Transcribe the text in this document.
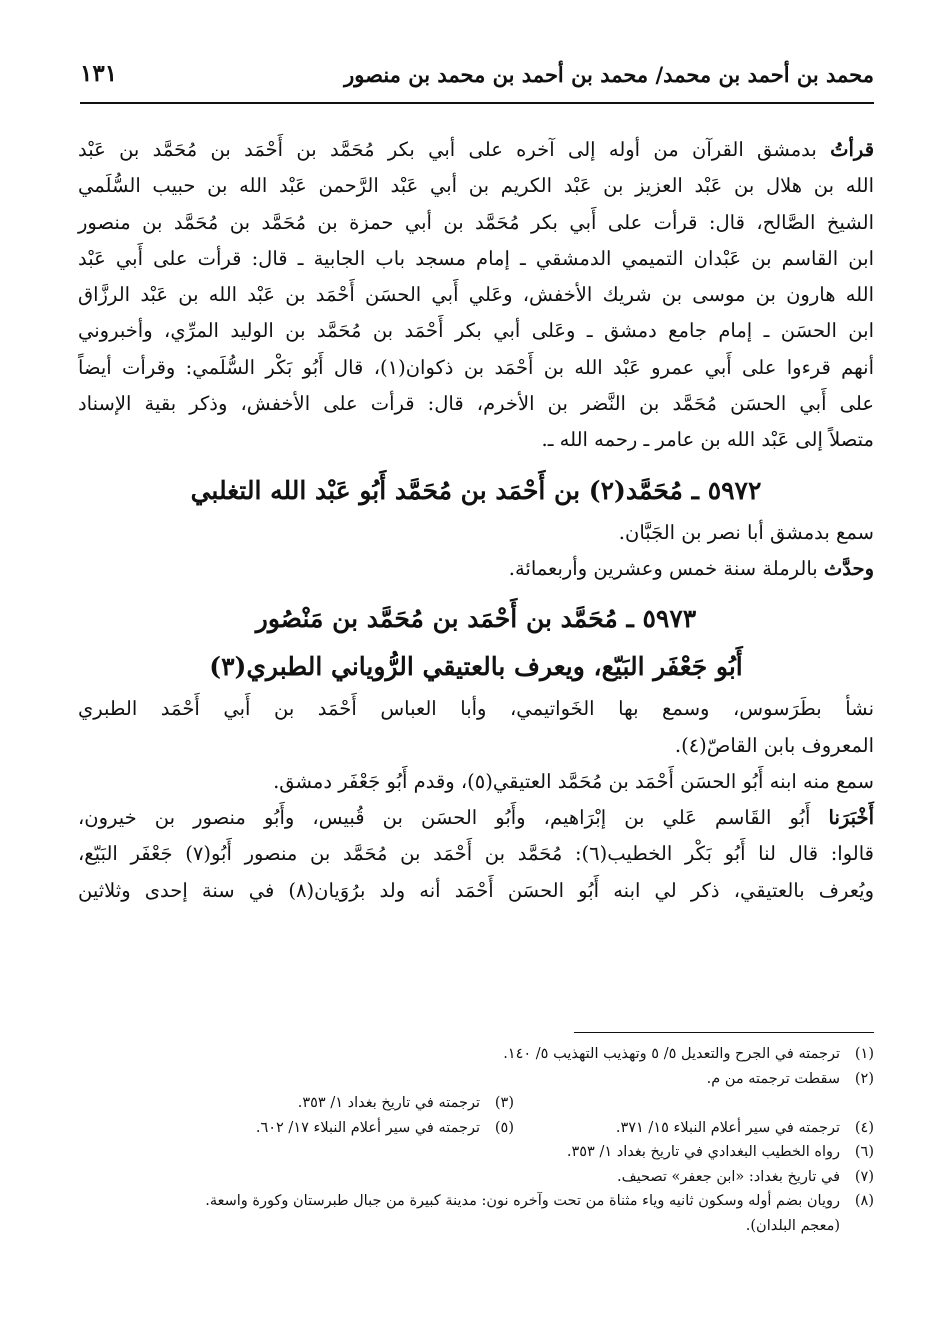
محمد بن أحمد بن محمد/ محمد بن أحمد بن محمد بن منصور
١٣١
قرأتُ بدمشق القرآن من أوله إلى آخره على أبي بكر مُحَمَّد بن أَحْمَد بن مُحَمَّد بن عَبْد
الله بن هلال بن عَبْد العزيز بن عَبْد الكريم بن أبي عَبْد الرَّحمن عَبْد الله بن حبيب السُّلَمي
الشيخ الصَّالح، قال: قرأت على أَبي بكر مُحَمَّد بن أبي حمزة بن مُحَمَّد بن مُحَمَّد بن منصور
ابن القاسم بن عَبْدان التميمي الدمشقي ـ إمام مسجد باب الجابية ـ قال: قرأت على أَبي عَبْد
الله هارون بن موسى بن شريك الأخفش، وعَلي أَبي الحسَن أَحْمَد بن عَبْد الله بن عَبْد الرزَّاق
ابن الحسَن ـ إمام جامع دمشق ـ وعَلى أبي بكر أَحْمَد بن مُحَمَّد بن الوليد المرِّي، وأخبروني
أنهم قرءوا على أَبي عمرو عَبْد الله بن أَحْمَد بن ذكوان(١)، قال أَبُو بَكْر السُّلَمي: وقرأت أيضاً
على أَبي الحسَن مُحَمَّد بن النَّضر بن الأخرم، قال: قرأت على الأخفش، وذكر بقية الإسناد
متصلاً إلى عَبْد الله بن عامر ـ رحمه الله ـ.
٥٩٧٢ ـ مُحَمَّد(٢) بن أَحْمَد بن مُحَمَّد أَبُو عَبْد الله التغلبي
سمع بدمشق أبا نصر بن الجَبَّان.
وحدَّث بالرملة سنة خمس وعشرين وأربعمائة.
٥٩٧٣ ـ مُحَمَّد بن أَحْمَد بن مُحَمَّد بن مَنْصُور
أَبُو جَعْفَر البَيّع، ويعرف بالعتيقي الرُّوياني الطبري(٣)
نشأ بطَرَسوس، وسمع بها الخَواتيمي، وأبا العباس أَحْمَد بن أَبي أَحْمَد الطبري
المعروف بابن القاصّ(٤).
سمع منه ابنه أَبُو الحسَن أَحْمَد بن مُحَمَّد العتيقي(٥)، وقدم أَبُو جَعْفَر دمشق.
أَخْبَرَنا أَبُو القَاسم عَلي بن إبْرَاهيم، وأَبُو الحسَن بن قُبيس، وأَبُو منصور بن خيرون،
قالوا: قال لنا أَبُو بَكْر الخطيب(٦): مُحَمَّد بن أَحْمَد بن مُحَمَّد بن منصور أَبُو(٧) جَعْفَر البَيّع،
ويُعرف بالعتيقي، ذكر لي ابنه أَبُو الحسَن أَحْمَد أنه ولد برُوَيان(٨) في سنة إحدى وثلاثين
(١)ترجمته في الجرح والتعديل ٥/ ٥ وتهذيب التهذيب ٥/ ١٤٠.
(٢)سقطت ترجمته من م.
(٣)ترجمته في تاريخ بغداد ١/ ٣٥٣.
(٤)ترجمته في سير أعلام النبلاء ١٥/ ٣٧١.
(٥)ترجمته في سير أعلام النبلاء ١٧/ ٦٠٢.
(٦)رواه الخطيب البغدادي في تاريخ بغداد ١/ ٣٥٣.
(٧)في تاريخ بغداد: «ابن جعفر» تصحيف.
(٨)رويان بضم أوله وسكون ثانيه وياء مثناة من تحت وآخره نون: مدينة كبيرة من جبال طبرستان وكورة واسعة.
(معجم البلدان).
